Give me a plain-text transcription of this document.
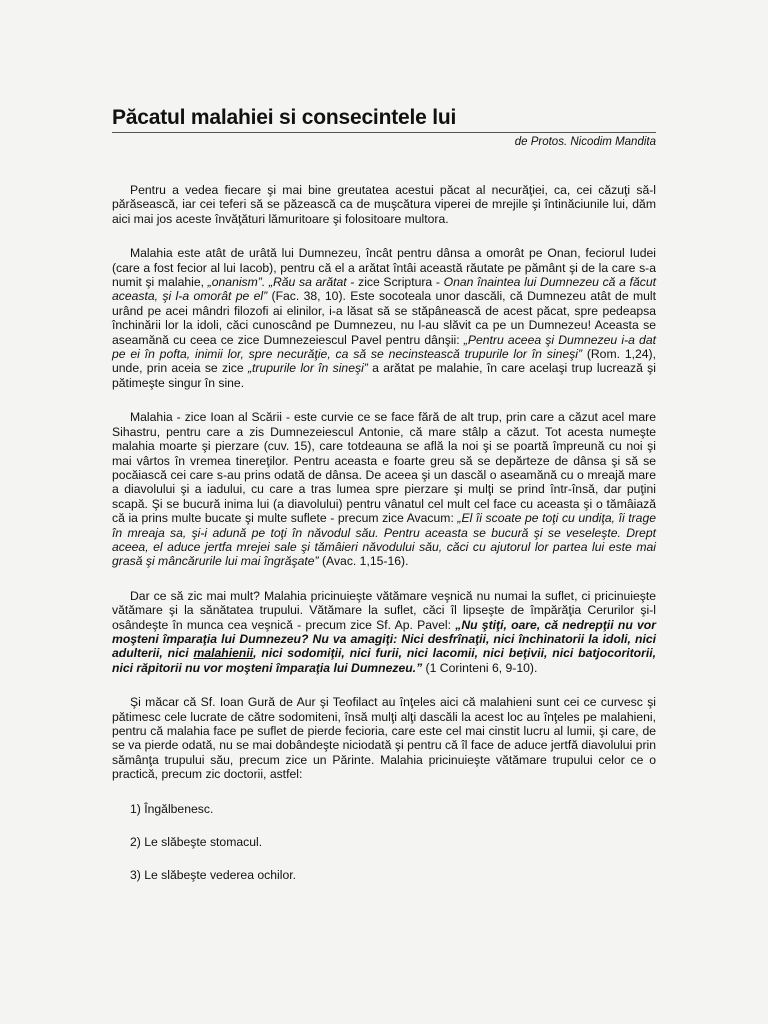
Păcatul malahiei si consecintele lui
de Protos. Nicodim Mandita

Pentru a vedea fiecare şi mai bine greutatea acestui păcat al necurăţiei, ca, cei căzuţi să-l părăsească, iar cei teferi să se păzească ca de muşcătura viperei de mrejile şi întinăciunile lui, dăm aici mai jos aceste învăţături lămuritoare şi folositoare multora.

Malahia este atât de urâtă lui Dumnezeu, încât pentru dânsa a omorât pe Onan, feciorul Iudei (care a fost fecior al lui Iacob), pentru că el a arătat întâi această răutate pe pământ şi de la care s-a numit şi malahie, „onanism”. „Rău sa arătat - zice Scriptura - Onan înaintea lui Dumnezeu că a făcut aceasta, şi l-a omorât pe el” (Fac. 38, 10). Este socoteala unor dascăli, că Dumnezeu atât de mult urând pe acei mândri filozofi ai elinilor, i-a lăsat să se stăpânească de acest păcat, spre pedeapsa închinării lor la idoli, căci cunoscând pe Dumnezeu, nu l-au slăvit ca pe un Dumnezeu! Aceasta se aseamănă cu ceea ce zice Dumnezeiescul Pavel pentru dânşii: „Pentru aceea şi Dumnezeu i-a dat pe ei în pofta, inimii lor, spre necurăţie, ca să se necinstească trupurile lor în sineşi” (Rom. 1,24), unde, prin aceia se zice „trupurile lor în sineşi” a arătat pe malahie, în care acelaşi trup lucrează şi pătimeşte singur în sine.

Malahia - zice Ioan al Scării - este curvie ce se face fără de alt trup, prin care a căzut acel mare Sihastru, pentru care a zis Dumnezeiescul Antonie, că mare stâlp a căzut. Tot acesta numeşte malahia moarte şi pierzare (cuv. 15), care totdeauna se află la noi şi se poartă împreună cu noi şi mai vârtos în vremea tinereţilor. Pentru aceasta e foarte greu să se depărteze de dânsa şi să se pocăiască cei care s-au prins odată de dânsa. De aceea şi un dascăl o aseamănă cu o mreajă mare a diavolului şi a iadului, cu care a tras lumea spre pierzare şi mulţi se prind într-însă, dar puţini scapă. Şi se bucură inima lui (a diavolului) pentru vânatul cel mult cel face cu aceasta şi o tămâiază că ia prins multe bucate şi multe suflete - precum zice Avacum: „El îi scoate pe toţi cu undiţa, îi trage în mreaja sa, şi-i adună pe toţi în năvodul său. Pentru aceasta se bucură şi se veseleşte. Drept aceea, el aduce jertfa mrejei sale şi tămâieri năvodului său, căci cu ajutorul lor partea lui este mai grasă şi mâncărurile lui mai îngrăşate” (Avac. 1,15-16).

Dar ce să zic mai mult? Malahia pricinuieşte vătămare veşnică nu numai la suflet, ci pricinuieşte vătămare şi la sănătatea trupului. Vătămare la suflet, căci îl lipseşte de împărăţia Cerurilor şi-l osândeşte în munca cea veşnică - precum zice Sf. Ap. Pavel: „Nu ştiţi, oare, că nedrepţii nu vor moşteni împaraţia lui Dumnezeu? Nu va amagiţi: Nici desfrînaţii, nici închinatorii la idoli, nici adulterii, nici malahienii, nici sodomiţii, nici furii, nici lacomii, nici beţivii, nici batjocoritorii, nici răpitorii nu vor moşteni împaraţia lui Dumnezeu.” (1 Corinteni 6, 9-10).

Şi măcar că Sf. Ioan Gură de Aur şi Teofilact au înţeles aici că malahieni sunt cei ce curvesc şi pătimesc cele lucrate de către sodomiteni, însă mulţi alţi dascăli la acest loc au înţeles pe malahieni, pentru că malahia face pe suflet de pierde fecioria, care este cel mai cinstit lucru al lumii, şi care, de se va pierde odată, nu se mai dobândeşte niciodată şi pentru că îl face de aduce jertfă diavolului prin sămânţa trupului său, precum zice un Părinte. Malahia pricinuieşte vătămare trupului celor ce o practică, precum zic doctorii, astfel:

1) Îngălbenesc.

2) Le slăbeşte stomacul.

3) Le slăbeşte vederea ochilor.
